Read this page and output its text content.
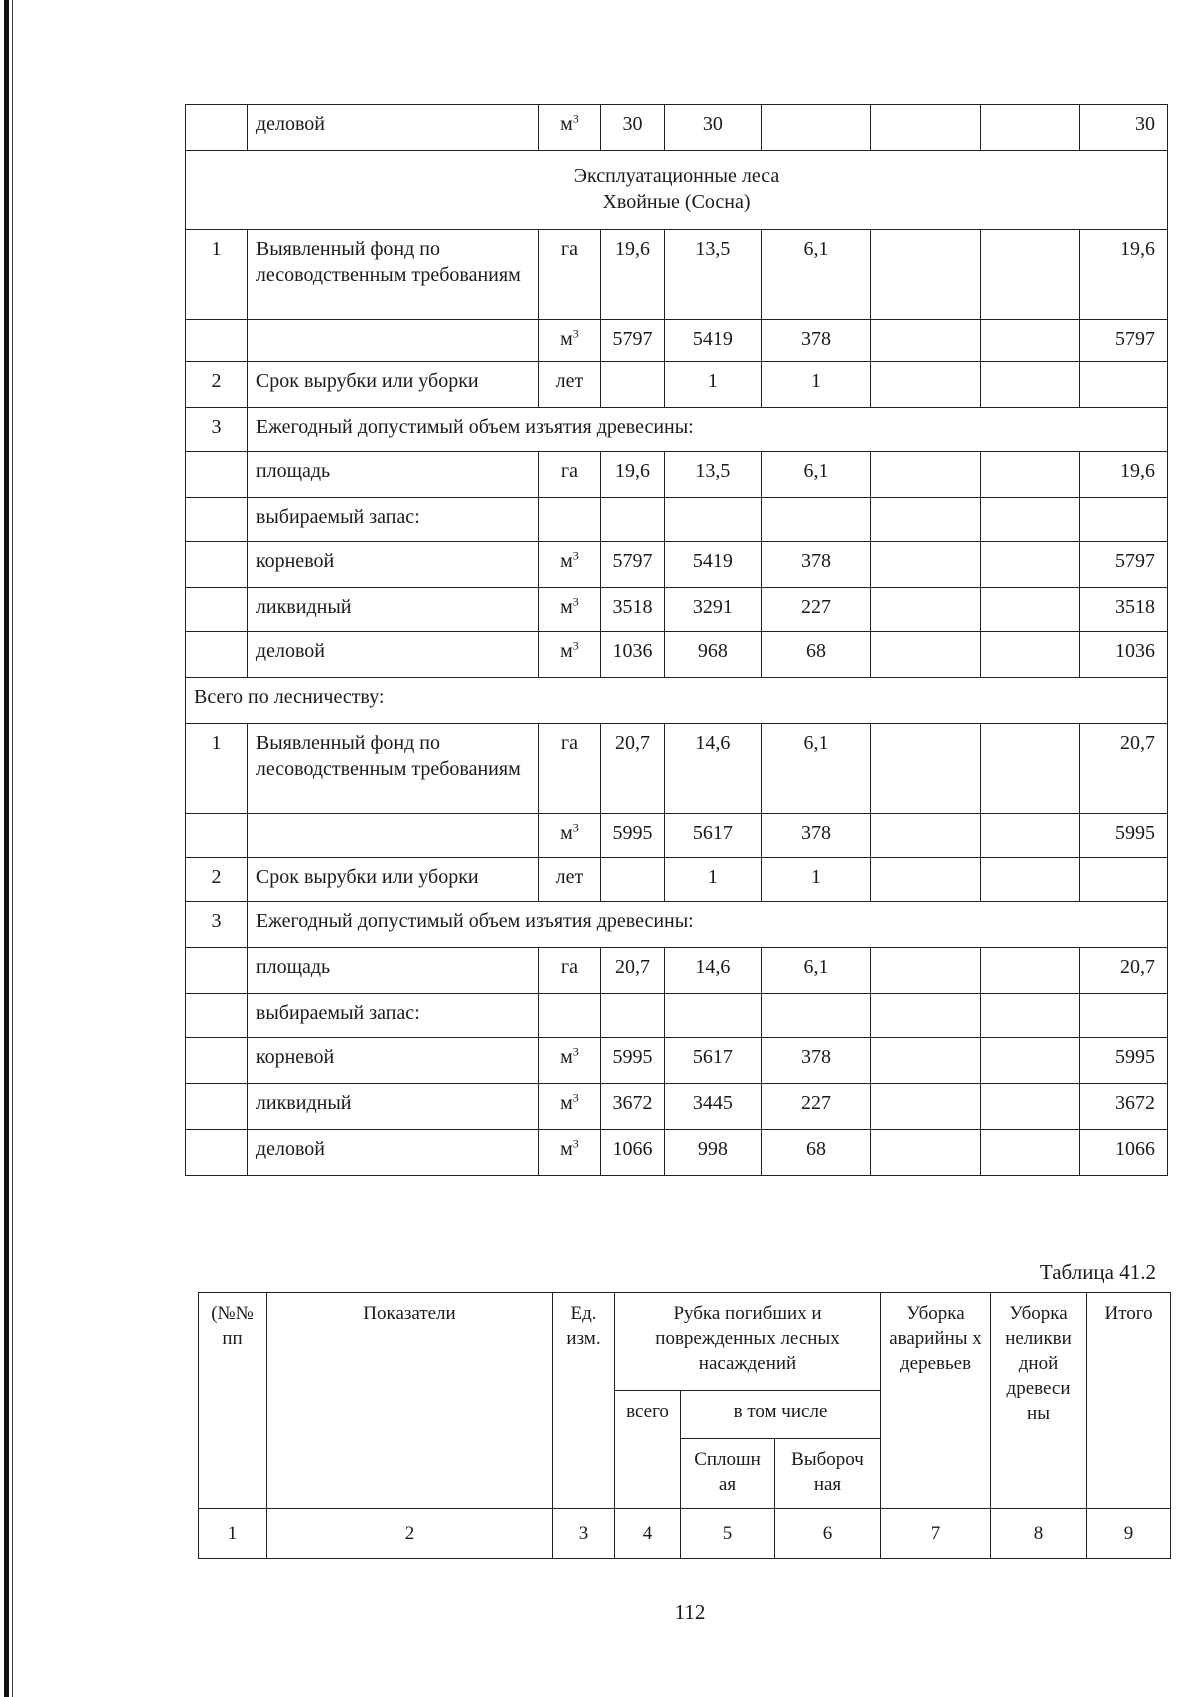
	деловой	$м^3$	30	30				30

Эксплуатационные леса
Хвойные (Сосна)								

1	Выявленный фонд по лесоводственным требованиям	га	19,6	13,5	6,1			19,6
		$м^3$	5797	5419	378			5797
2	Срок вырубки или уборки	лет		1	1			
3	Ежегодный допустимый объем изъятия древесины:							
	площадь	га	19,6	13,5	6,1			19,6
	выбираемый запас:							
	корневой	$м^3$	5797	5419	378			5797
	ликвидный	$м^3$	3518	3291	227			3518
	деловой	$м^3$	1036	968	68			1036
Всего по лесничеству:								
1	Выявленный фонд по лесоводственным требованиям	га	20,7	14,6	6,1			20,7
		$м^3$	5995	5617	378			5995
2	Срок вырубки или уборки	лет		1	1			
3	Ежегодный допустимый объем изъятия древесины:							
	площадь	га	20,7	14,6	6,1			20,7
	выбираемый запас:							
	корневой	$м^3$	5995	5617	378			5995
	ликвидный	$м^3$	3672	3445	227			3672
	деловой	$м^3$	1066	998	68			1066
Таблица 41.2
(№№ пп	Показатели	Ед. изм.	Рубка погибших и поврежденных лесных насаждений			Уборка аварийны х деревьев	Уборка неликви дной древеси ны	Итого
			всего	в том числе				
				Сплошн ая	Выбороч ная			
1	2	3	4	5	6	7	8	9
112
